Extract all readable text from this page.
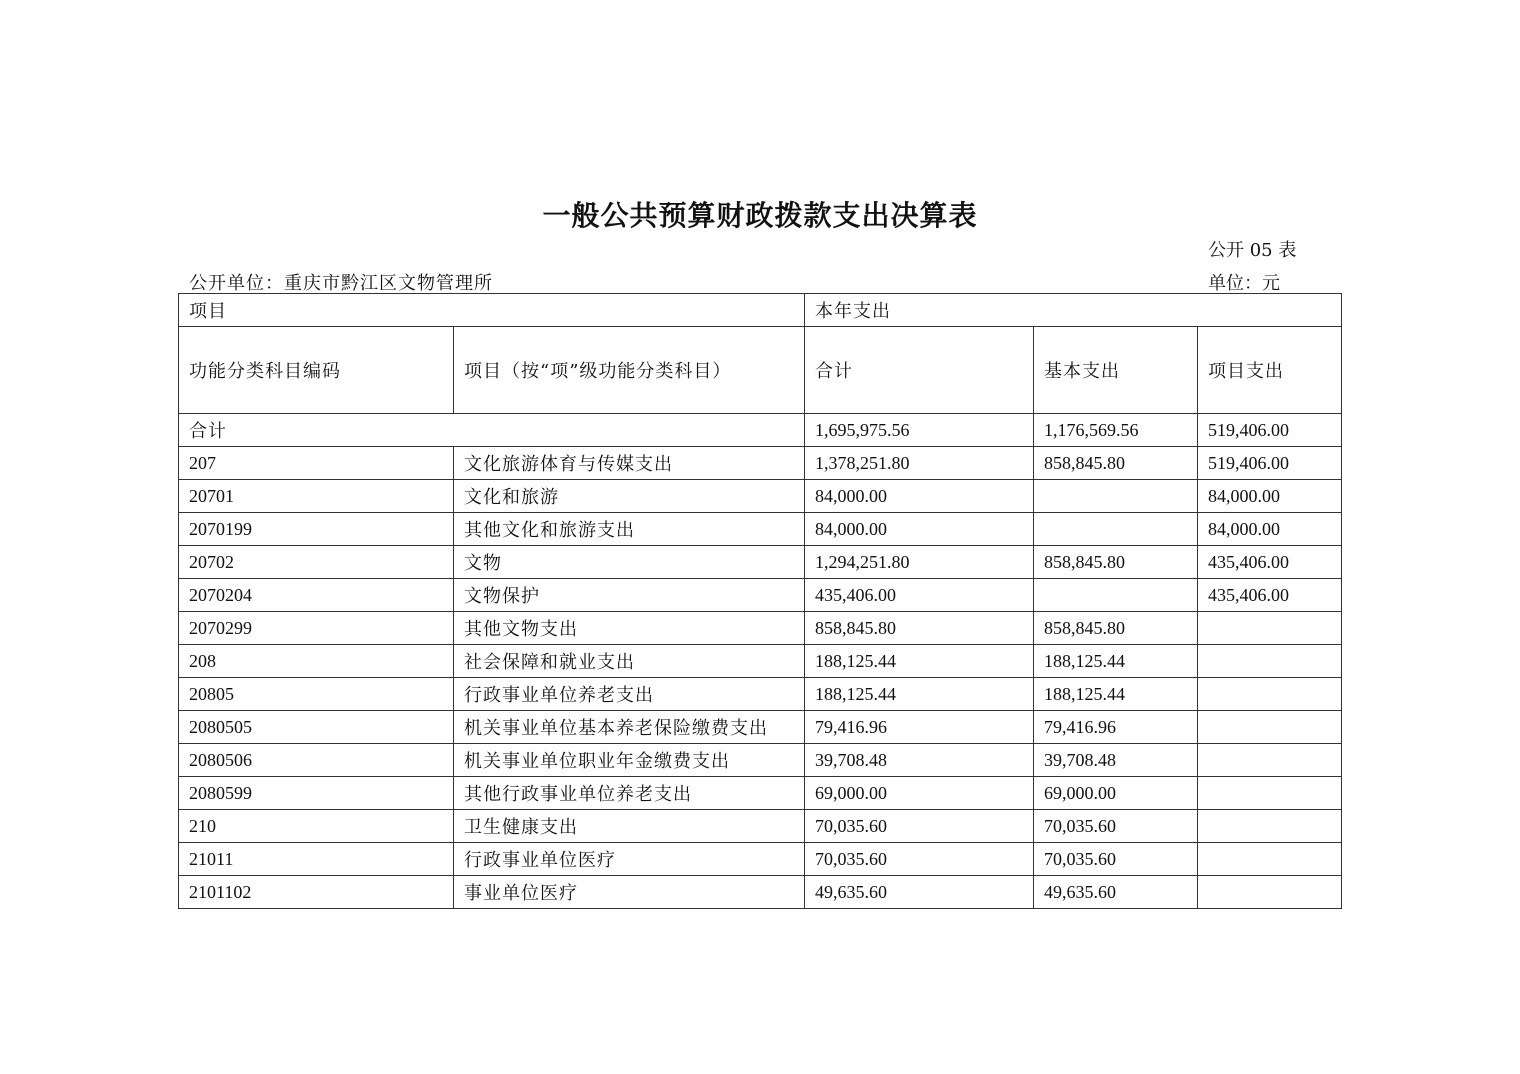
一般公共预算财政拨款支出决算表
公开 05 表
公开单位：重庆市黔江区文物管理所	单位：元
项目		本年支出		
功能分类科目编码	项目（按“项”级功能分类科目）	合计	基本支出	项目支出
合计		1,695,975.56	1,176,569.56	519,406.00
207	文化旅游体育与传媒支出	1,378,251.80	858,845.80	519,406.00
20701	文化和旅游	84,000.00		84,000.00
2070199	其他文化和旅游支出	84,000.00		84,000.00
20702	文物	1,294,251.80	858,845.80	435,406.00
2070204	文物保护	435,406.00		435,406.00
2070299	其他文物支出	858,845.80	858,845.80	
208	社会保障和就业支出	188,125.44	188,125.44	
20805	行政事业单位养老支出	188,125.44	188,125.44	
2080505	机关事业单位基本养老保险缴费支出	79,416.96	79,416.96	
2080506	机关事业单位职业年金缴费支出	39,708.48	39,708.48	
2080599	其他行政事业单位养老支出	69,000.00	69,000.00	
210	卫生健康支出	70,035.60	70,035.60	
21011	行政事业单位医疗	70,035.60	70,035.60	
2101102	事业单位医疗	49,635.60	49,635.60	
